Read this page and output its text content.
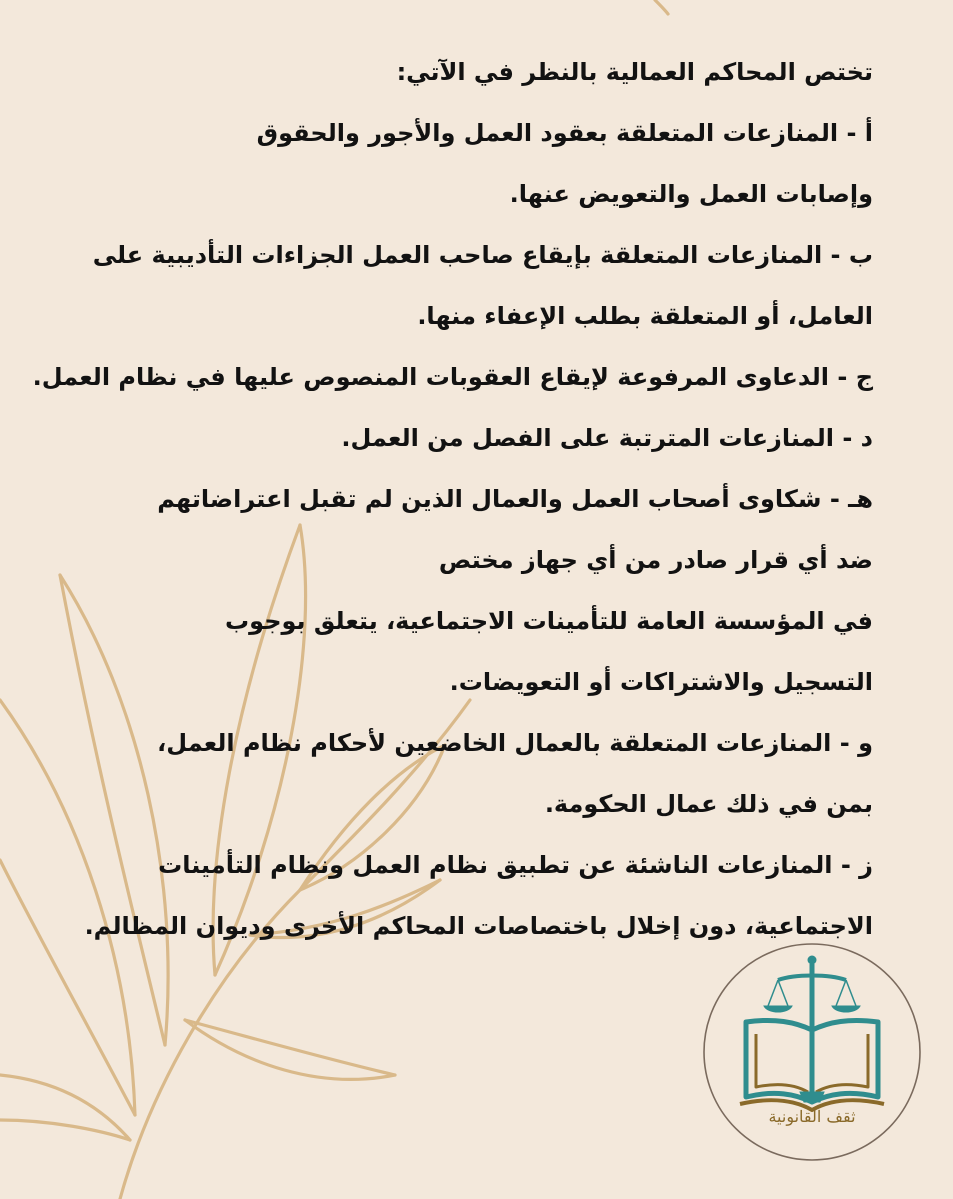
تختص المحاكم العمالية بالنظر في الآتي:
أ - المنازعات المتعلقة بعقود العمل والأجور والحقوق
وإصابات العمل والتعويض عنها.
ب - المنازعات المتعلقة بإيقاع صاحب العمل الجزاءات التأديبية على
العامل، أو المتعلقة بطلب الإعفاء منها.
ج - الدعاوى المرفوعة لإيقاع العقوبات المنصوص عليها في نظام العمل.
د - المنازعات المترتبة على الفصل من العمل.
هـ - شكاوى أصحاب العمل والعمال الذين لم تقبل اعتراضاتهم
ضد أي قرار صادر من أي جهاز مختص
في المؤسسة العامة للتأمينات الاجتماعية، يتعلق بوجوب
التسجيل والاشتراكات أو التعويضات.
و - المنازعات المتعلقة بالعمال الخاضعين لأحكام نظام العمل،
بمن في ذلك عمال الحكومة.
ز - المنازعات الناشئة عن تطبيق نظام العمل ونظام التأمينات
الاجتماعية، دون إخلال باختصاصات المحاكم الأخرى وديوان المظالم.
ثقف القانونية
